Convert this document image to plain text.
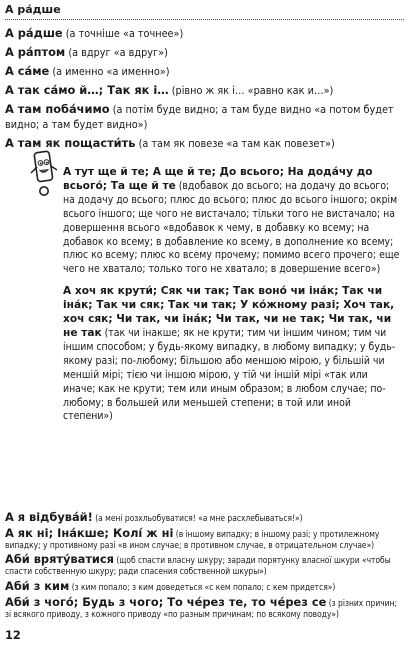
А ра́дше

А ра́дше (а точніше «а точнее»)

А ра́птом (а вдруг «а вдруг»)

А са́ме (а именно «а именно»)

А так са́мо й…; Так як і… (рівно ж як і… «равно как и…»)

А там поба́чимо (а потім буде видно; а там буде видно «а потом будет видно; а там будет видно»)

А там як пощасти́ть (а там як повезе «а там как повезет»)

А тут ще й те; А ще й те; До всього; На дода́чу до всього́; Та ще й те (вдобавок до всього; на додачу до всього; на додачу до всього; плюс до всього; плюс до всього іншого; окрім всього іншого; ще чого не вистачало; тільки того не вистачало; на довершення всього «вдобавок к чему, в добавку ко всему; на добавок ко всему; в добавление ко всему, в дополнение ко всему; плюс ко всему; плюс ко всему прочему; помимо всего прочего; еще чего не хватало; только того не хватало; в довершение всего»)

А хоч як крути́; Сяк чи так; Так воно́ чи іна́к; Так чи іна́к; Так чи сяк; Так чи так; У ко́жному разі; Хоч так, хоч сяк; Чи так, чи іна́к; Чи так, чи не так; Чи так, чи не так (так чи інакше; як не крути; тим чи іншим чином; тим чи іншим способом; у будь-якому випадку, в любому випадку; у будь-якому разі; по-любому; більшою або меншою мірою, у більшій чи меншій мірі; тією чи іншою мірою, у тій чи іншій мірі «так или иначе; как не крути; тем или иным образом; в любом случае; по-любому; в большей или меньшей степени; в той или иной степени»)

А я відбува́й! (а мені розхльобуватися! «а мне расхлебываться!»)

А як ні; Іна́кше; Колі́ ж ні (в іншому випадку; в іншому разі; у протилежному випадку; у противному разі «в ином случае; в противном случае, в отрицательном случае»)

Аби́ вряту́ватися (щоб спасти власну шкуру; заради порятунку власної шкури «чтобы спасти собственную шкуру; ради спасения собственной шкуры»)

Аби́ з ким (з ким попало; з ким доведеться «с кем попало; с кем придется»)

Аби́ з чого́; Будь з чого; То че́рез те, то че́рез се (з різних причин; зі всякого приводу, з кожного приводу «по разным причинам; по всякому поводу»)

12
